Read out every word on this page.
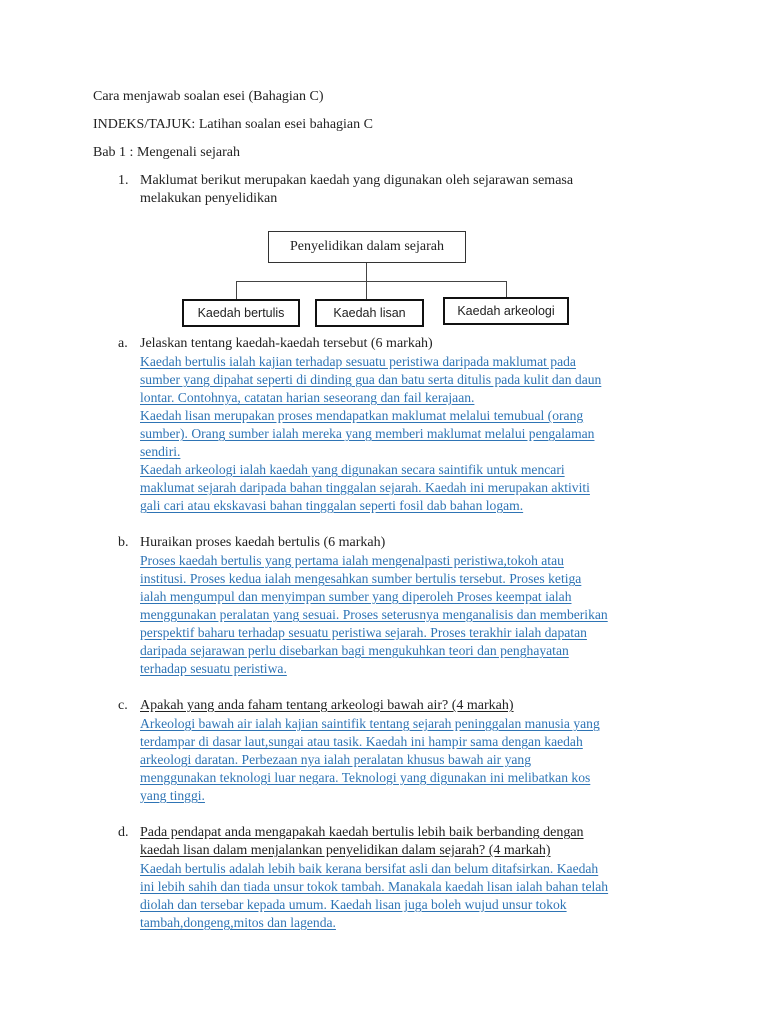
Cara menjawab soalan esei (Bahagian C)
INDEKS/TAJUK: Latihan soalan esei bahagian C
Bab 1 : Mengenali sejarah
1. Maklumat berikut merupakan kaedah yang digunakan oleh sejarawan semasa
melakukan penyelidikan
Penyelidikan dalam sejarah
Kaedah bertulis	Kaedah lisan	Kaedah arkeologi
a. Jelaskan tentang kaedah-kaedah tersebut (6 markah)
Kaedah bertulis ialah kajian terhadap sesuatu peristiwa daripada maklumat pada
sumber yang dipahat seperti di dinding gua dan batu serta ditulis pada kulit dan daun
lontar. Contohnya, catatan harian seseorang dan fail kerajaan.
Kaedah lisan merupakan proses mendapatkan maklumat melalui temubual (orang
sumber). Orang sumber ialah mereka yang memberi maklumat melalui pengalaman
sendiri.
Kaedah arkeologi ialah kaedah yang digunakan secara saintifik untuk mencari
maklumat sejarah daripada bahan tinggalan sejarah. Kaedah ini merupakan aktiviti
gali cari atau ekskavasi bahan tinggalan seperti fosil dab bahan logam.
b. Huraikan proses kaedah bertulis (6 markah)
Proses kaedah bertulis yang pertama ialah mengenalpasti peristiwa,tokoh atau
institusi. Proses kedua ialah mengesahkan sumber bertulis tersebut. Proses ketiga
ialah mengumpul dan menyimpan sumber yang diperoleh Proses keempat ialah
menggunakan peralatan yang sesuai. Proses seterusnya menganalisis dan memberikan
perspektif baharu terhadap sesuatu peristiwa sejarah. Proses terakhir ialah dapatan
daripada sejarawan perlu disebarkan bagi mengukuhkan teori dan penghayatan
terhadap sesuatu peristiwa.
c. Apakah yang anda faham tentang arkeologi bawah air? (4 markah)
Arkeologi bawah air ialah kajian saintifik tentang sejarah peninggalan manusia yang
terdampar di dasar laut,sungai atau tasik. Kaedah ini hampir sama dengan kaedah
arkeologi daratan. Perbezaan nya ialah peralatan khusus bawah air yang
menggunakan teknologi luar negara. Teknologi yang digunakan ini melibatkan kos
yang tinggi.
d. Pada pendapat anda mengapakah kaedah bertulis lebih baik berbanding dengan
kaedah lisan dalam menjalankan penyelidikan dalam sejarah? (4 markah)
Kaedah bertulis adalah lebih baik kerana bersifat asli dan belum ditafsirkan. Kaedah
ini lebih sahih dan tiada unsur tokok tambah. Manakala kaedah lisan ialah bahan telah
diolah dan tersebar kepada umum. Kaedah lisan juga boleh wujud unsur tokok
tambah,dongeng,mitos dan lagenda.
